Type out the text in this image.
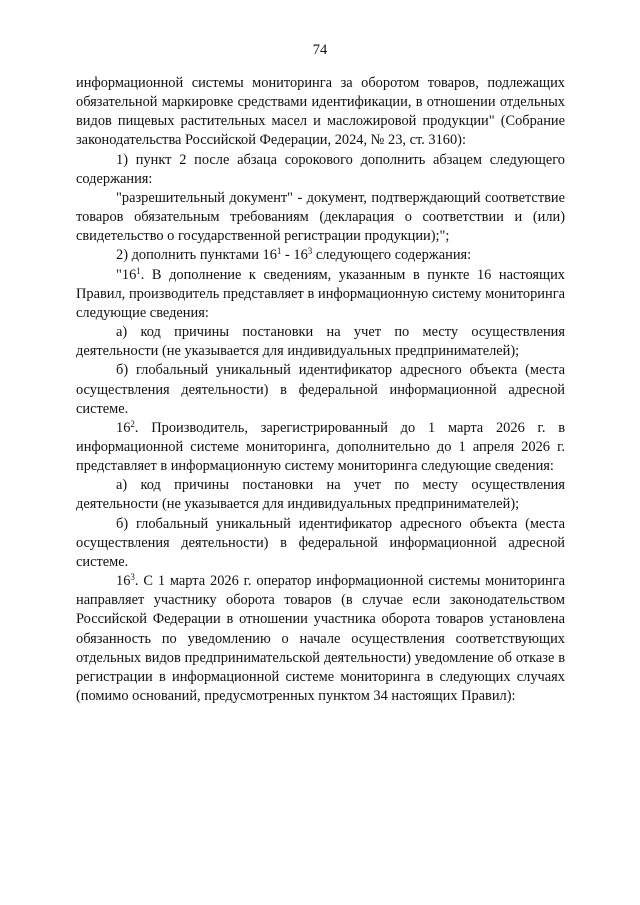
74

информационной системы мониторинга за оборотом товаров, подлежащих обязательной маркировке средствами идентификации, в отношении отдельных видов пищевых растительных масел и масложировой продукции" (Собрание законодательства Российской Федерации, 2024, № 23, ст. 3160):

1) пункт 2 после абзаца сорокового дополнить абзацем следующего содержания:

"разрешительный документ" - документ, подтверждающий соответствие товаров обязательным требованиям (декларация о соответствии и (или) свидетельство о государственной регистрации продукции);";

2) дополнить пунктами $16^1 - 16^3$ следующего содержания:

"$16^1$. В дополнение к сведениям, указанным в пункте 16 настоящих Правил, производитель представляет в информационную систему мониторинга следующие сведения:

а) код причины постановки на учет по месту осуществления деятельности (не указывается для индивидуальных предпринимателей);

б) глобальный уникальный идентификатор адресного объекта (места осуществления деятельности) в федеральной информационной адресной системе.

$16^2$. Производитель, зарегистрированный до 1 марта 2026 г. в информационной системе мониторинга, дополнительно до 1 апреля 2026 г. представляет в информационную систему мониторинга следующие сведения:

а) код причины постановки на учет по месту осуществления деятельности (не указывается для индивидуальных предпринимателей);

б) глобальный уникальный идентификатор адресного объекта (места осуществления деятельности) в федеральной информационной адресной системе.

$16^3$. С 1 марта 2026 г. оператор информационной системы мониторинга направляет участнику оборота товаров (в случае если законодательством Российской Федерации в отношении участника оборота товаров установлена обязанность по уведомлению о начале осуществления соответствующих отдельных видов предпринимательской деятельности) уведомление об отказе в регистрации в информационной системе мониторинга в следующих случаях (помимо оснований, предусмотренных пунктом 34 настоящих Правил):
